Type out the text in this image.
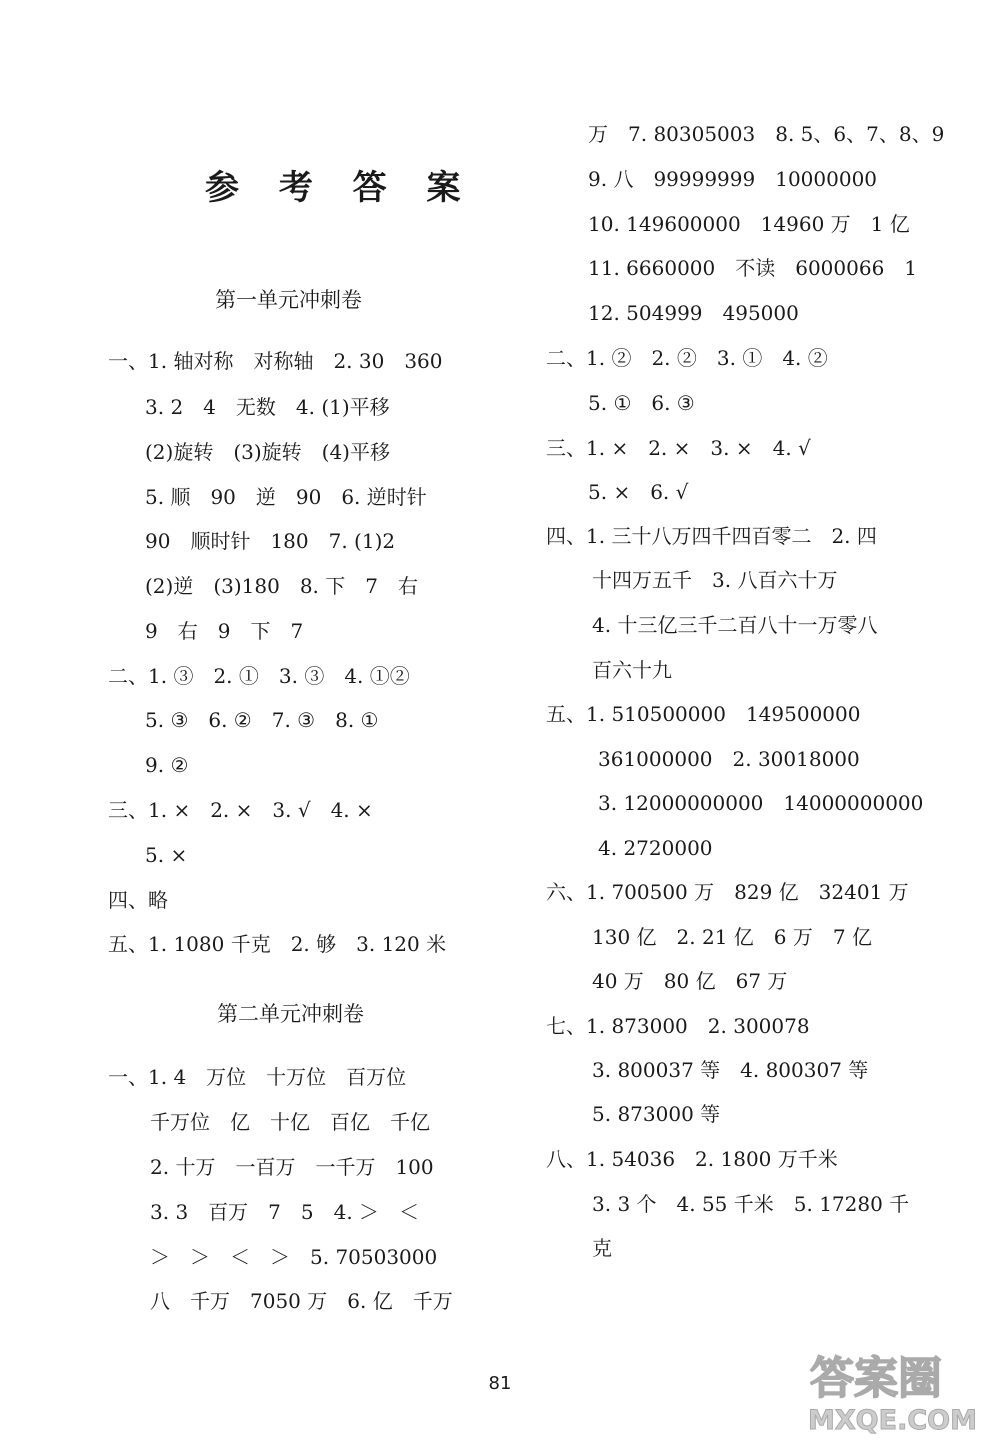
参 考 答 案
第一单元冲刺卷
一、1. 轴对称　对称轴　2. 30　360
3. 2　4　无数　4. (1)平移
(2)旋转　(3)旋转　(4)平移
5. 顺　90　逆　90　6. 逆时针
90　顺时针　180　7. (1)2
(2)逆　(3)180　8. 下　7　右
9　右　9　下　7
二、1. ③　2. ①　3. ③　4. ①②
5. ③　6. ②　7. ③　8. ①
9. ②
三、1. ×　2. ×　3. √　4. ×
5. ×
四、略
五、1. 1080 千克　2. 够　3. 120 米
第二单元冲刺卷
一、1. 4　万位　十万位　百万位
千万位　亿　十亿　百亿　千亿
2. 十万　一百万　一千万　100
3. 3　百万　7　5　4. ＞　＜
＞　＞　＜　＞　5. 70503000
八　千万　7050 万　6. 亿　千万
万　7. 80305003　8. 5、6、7、8、9
9. 八　99999999　10000000
10. 149600000　14960 万　1 亿
11. 6660000　不读　6000066　1
12. 504999　495000
二、1. ②　2. ②　3. ①　4. ②
5. ①　6. ③
三、1. ×　2. ×　3. ×　4. √
5. ×　6. √
四、1. 三十八万四千四百零二　2. 四
十四万五千　3. 八百六十万
4. 十三亿三千二百八十一万零八
百六十九
五、1. 510500000　149500000
361000000　2. 30018000
3. 12000000000　14000000000
4. 2720000
六、1. 700500 万　829 亿　32401 万
130 亿　2. 21 亿　6 万　7 亿
40 万　80 亿　67 万
七、1. 873000　2. 300078
3. 800037 等　4. 800307 等
5. 873000 等
八、1. 54036　2. 1800 万千米
3. 3 个　4. 55 千米　5. 17280 千
克
81	答案圈
MXQE.COM
